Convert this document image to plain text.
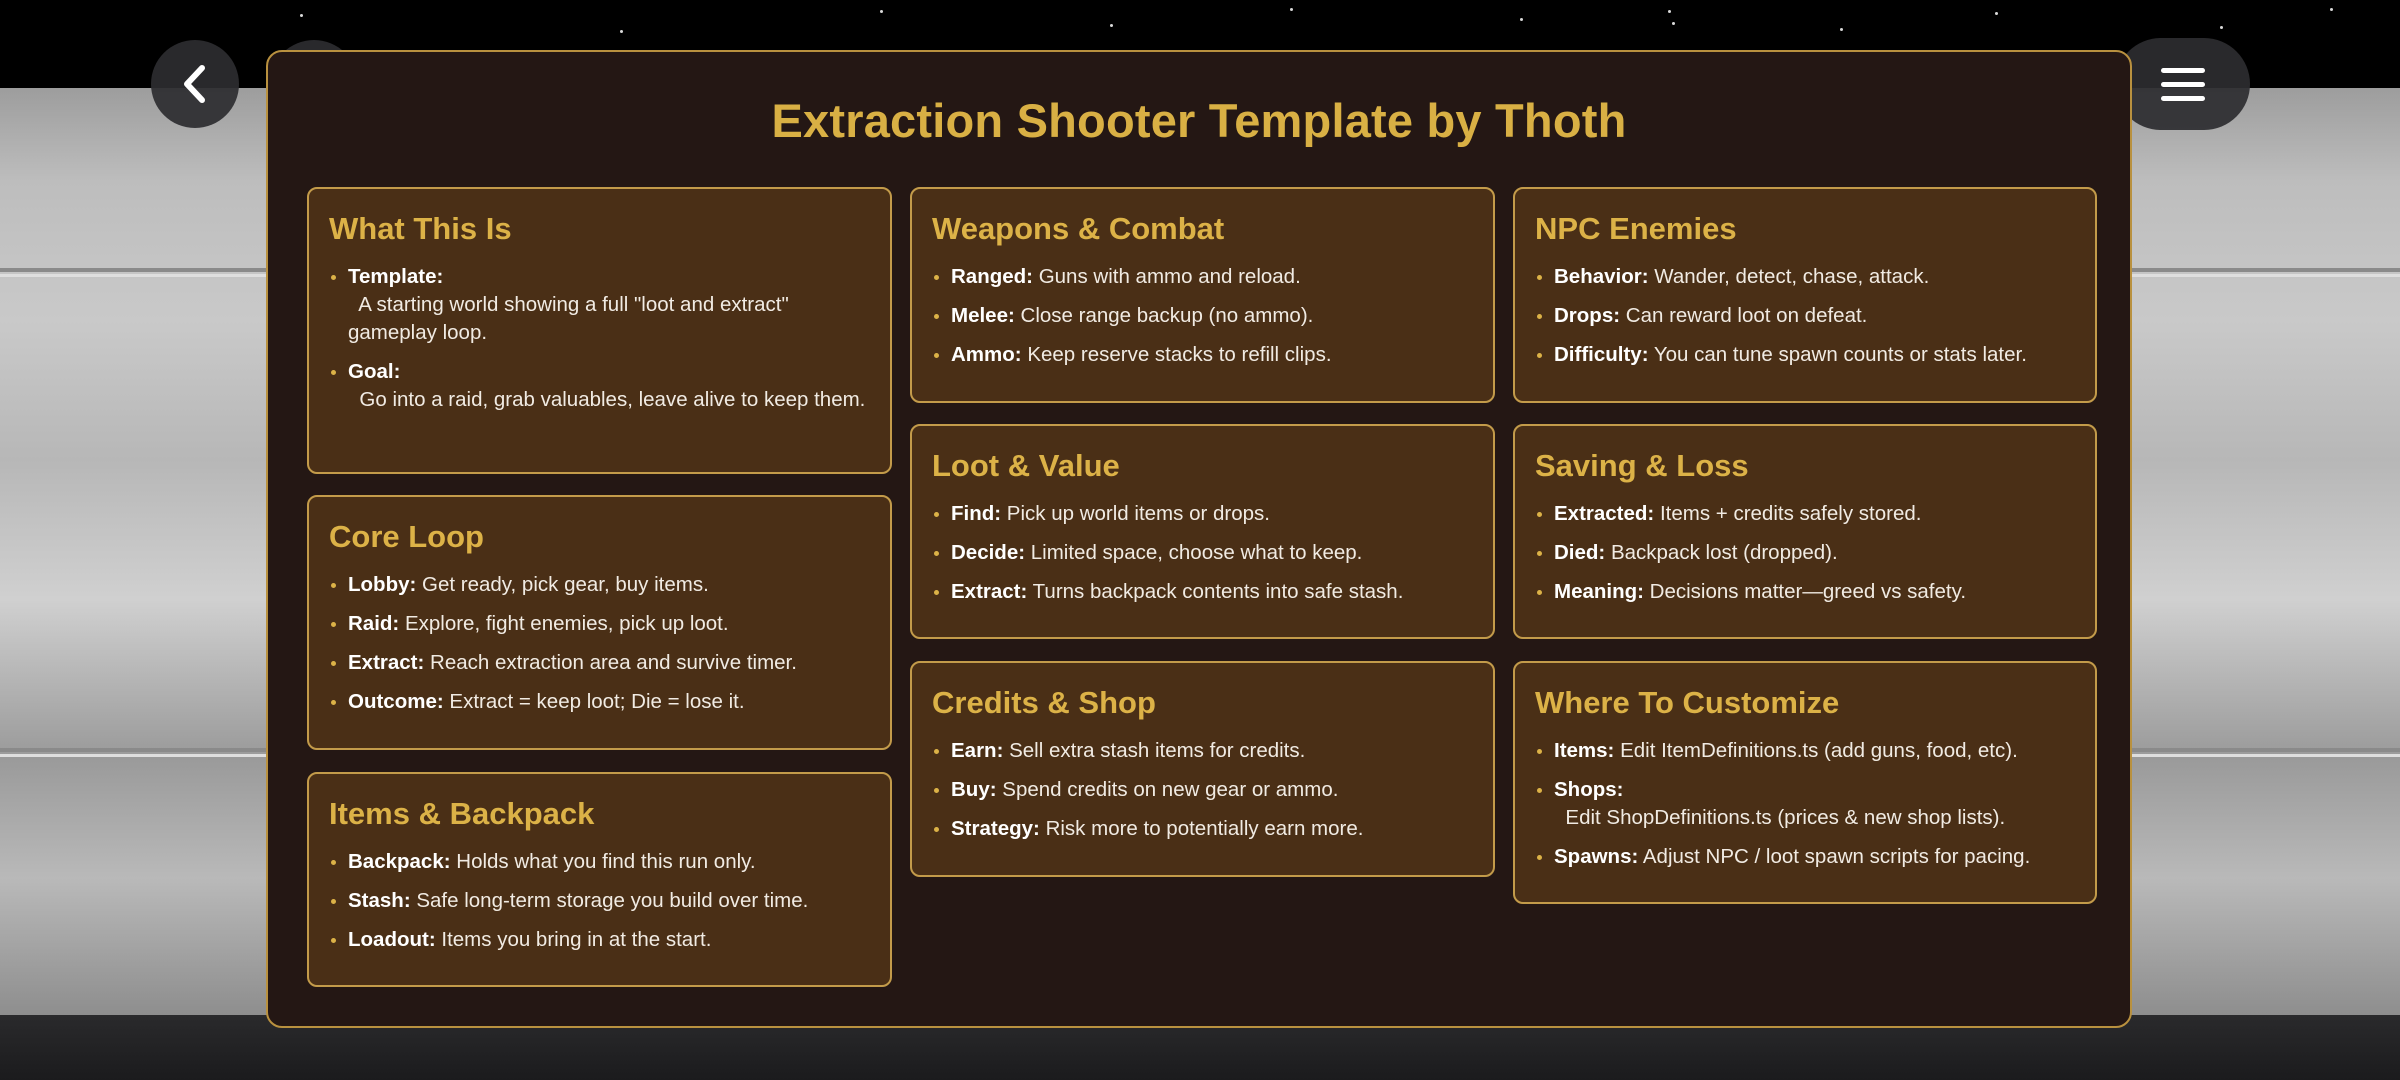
Extraction Shooter Template by Thoth
What This Is
Template:
A starting world showing a full "loot and extract" gameplay loop.
Goal:
Go into a raid, grab valuables, leave alive to keep them.
Core Loop
Lobby: Get ready, pick gear, buy items.
Raid: Explore, fight enemies, pick up loot.
Extract: Reach extraction area and survive timer.
Outcome: Extract = keep loot; Die = lose it.
Items & Backpack
Backpack: Holds what you find this run only.
Stash: Safe long-term storage you build over time.
Loadout: Items you bring in at the start.
Weapons & Combat
Ranged: Guns with ammo and reload.
Melee: Close range backup (no ammo).
Ammo: Keep reserve stacks to refill clips.
Loot & Value
Find: Pick up world items or drops.
Decide: Limited space, choose what to keep.
Extract: Turns backpack contents into safe stash.
Credits & Shop
Earn: Sell extra stash items for credits.
Buy: Spend credits on new gear or ammo.
Strategy: Risk more to potentially earn more.
NPC Enemies
Behavior: Wander, detect, chase, attack.
Drops: Can reward loot on defeat.
Difficulty: You can tune spawn counts or stats later.
Saving & Loss
Extracted: Items + credits safely stored.
Died: Backpack lost (dropped).
Meaning: Decisions matter—greed vs safety.
Where To Customize
Items: Edit ItemDefinitions.ts (add guns, food, etc).
Shops:
Edit ShopDefinitions.ts (prices & new shop lists).
Spawns: Adjust NPC / loot spawn scripts for pacing.
